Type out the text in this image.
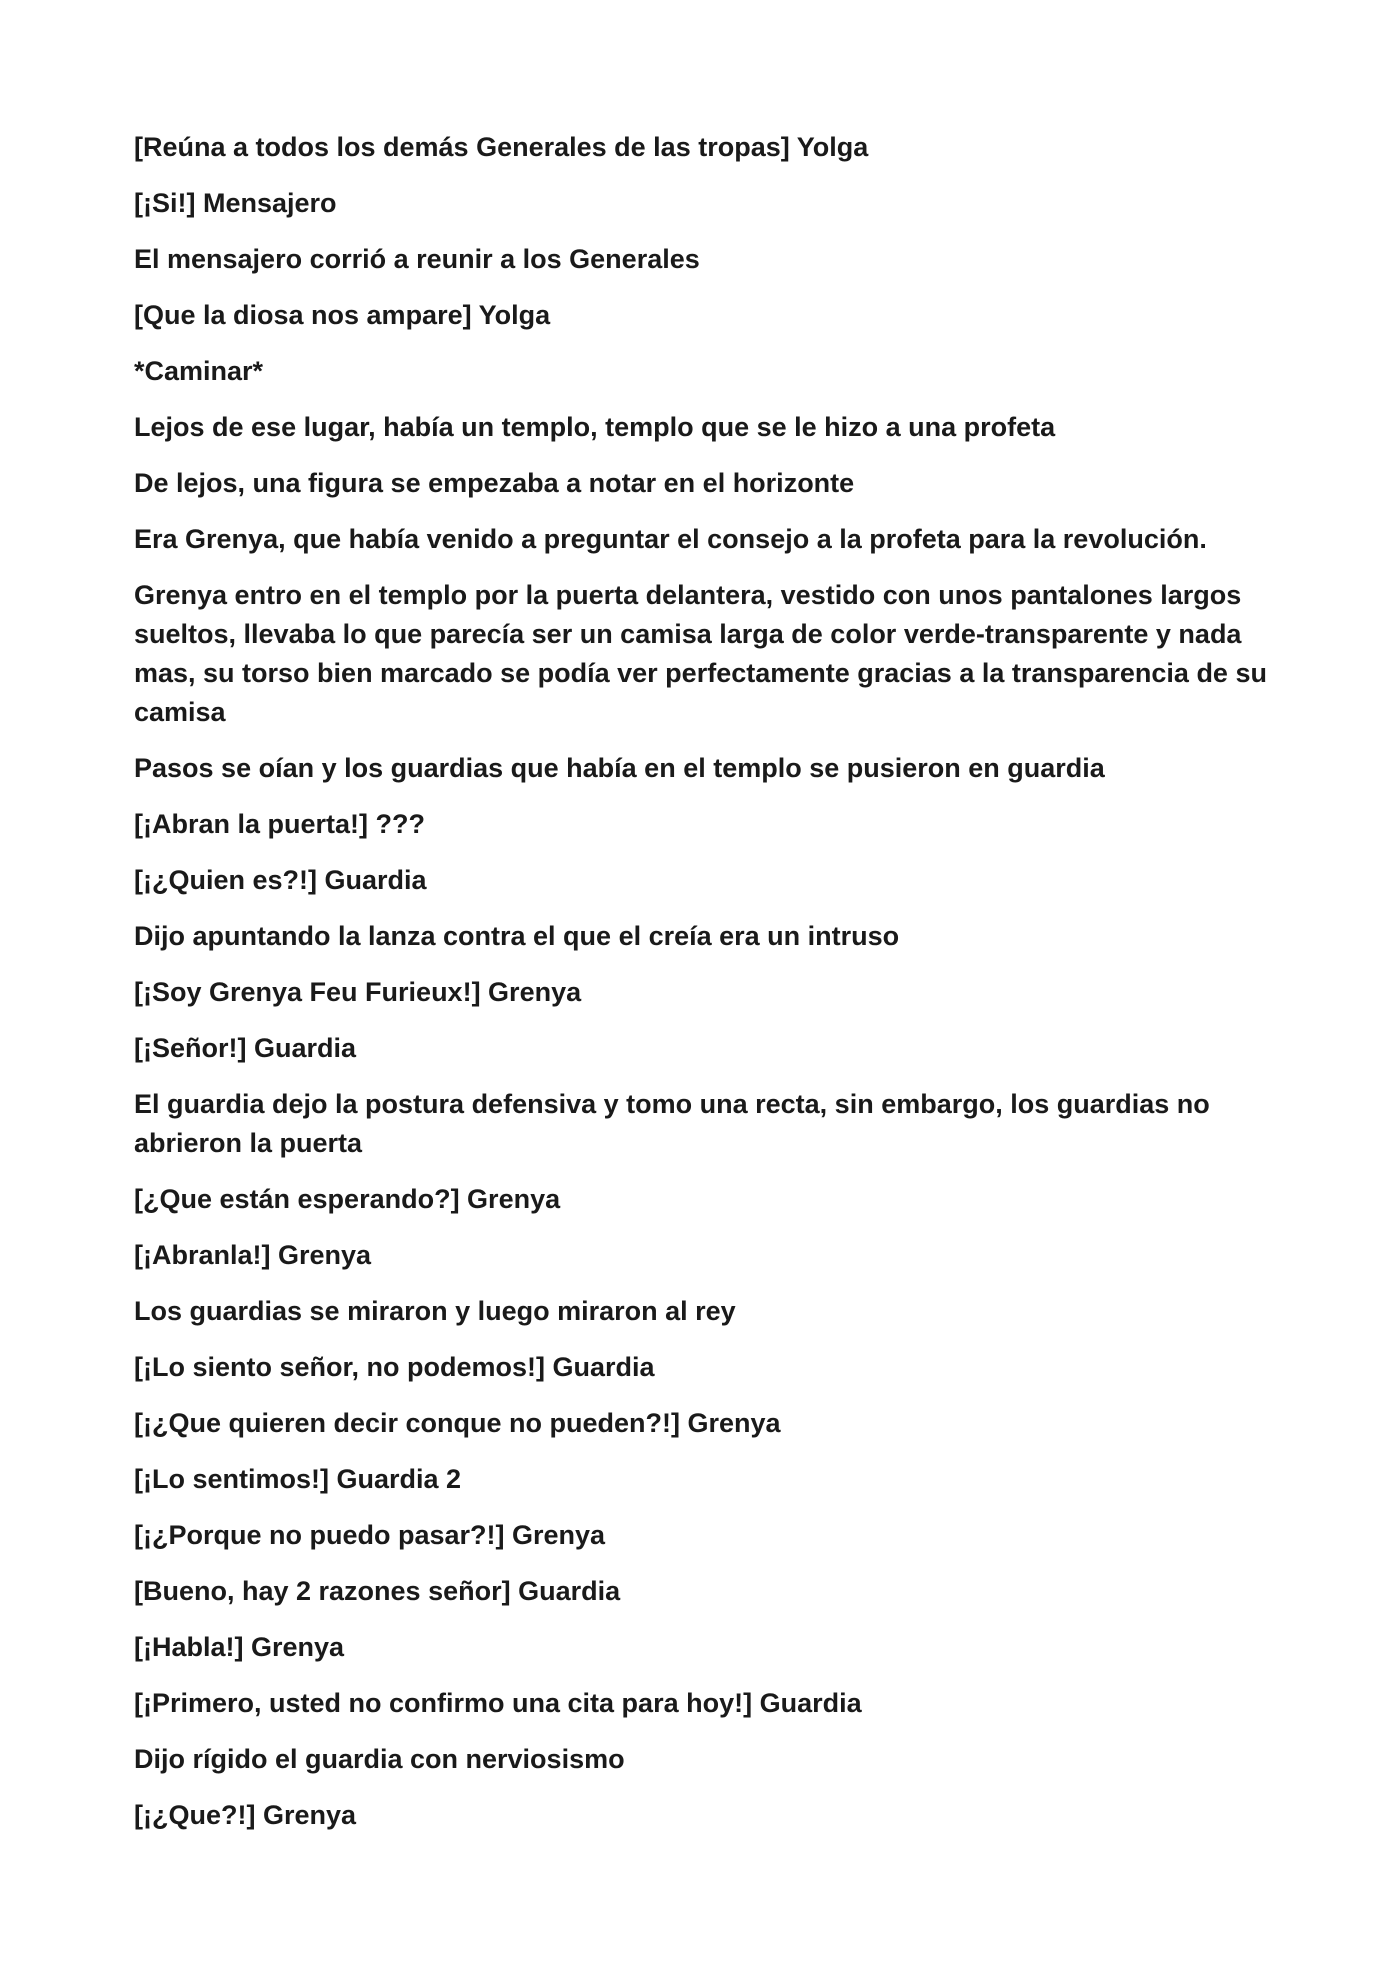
[Reúna a todos los demás Generales de las tropas] Yolga

[¡Si!] Mensajero

El mensajero corrió a reunir a los Generales

[Que la diosa nos ampare] Yolga

*Caminar*

Lejos de ese lugar, había un templo, templo que se le hizo a una profeta

De lejos, una figura se empezaba a notar en el horizonte

Era Grenya, que había venido a preguntar el consejo a la profeta para la revolución.

Grenya entro en el templo por la puerta delantera, vestido con unos pantalones largos sueltos, llevaba lo que parecía ser un camisa larga de color verde-transparente y nada mas, su torso bien marcado se podía ver perfectamente gracias a la transparencia de su camisa

Pasos se oían y los guardias que había en el templo se pusieron en guardia

[¡Abran la puerta!] ???

[¡¿Quien es?!] Guardia

Dijo apuntando la lanza contra el que el creía era un intruso

[¡Soy Grenya Feu Furieux!] Grenya

[¡Señor!] Guardia

El guardia dejo la postura defensiva y tomo una recta, sin embargo, los guardias no abrieron la puerta

[¿Que están esperando?] Grenya

[¡Abranla!] Grenya

Los guardias se miraron y luego miraron al rey

[¡Lo siento señor, no podemos!] Guardia

[¡¿Que quieren decir conque no pueden?!] Grenya

[¡Lo sentimos!] Guardia 2

[¡¿Porque no puedo pasar?!] Grenya

[Bueno, hay 2 razones señor] Guardia

[¡Habla!] Grenya

[¡Primero, usted no confirmo una cita para hoy!] Guardia

Dijo rígido el guardia con nerviosismo

[¡¿Que?!] Grenya
